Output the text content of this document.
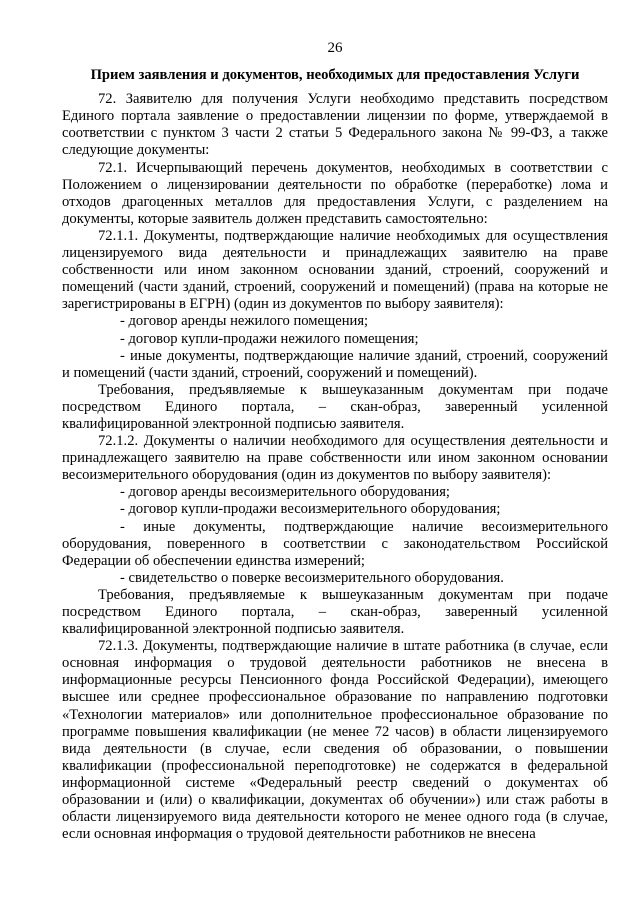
26
Прием заявления и документов, необходимых для предоставления Услуги

72. Заявителю для получения Услуги необходимо представить посредством Единого портала заявление о предоставлении лицензии по форме, утверждаемой в соответствии с пунктом 3 части 2 статьи 5 Федерального закона № 99-ФЗ, а также следующие документы:

72.1. Исчерпывающий перечень документов, необходимых в соответствии с Положением о лицензировании деятельности по обработке (переработке) лома и отходов драгоценных металлов для предоставления Услуги, с разделением на документы, которые заявитель должен представить самостоятельно:

72.1.1. Документы, подтверждающие наличие необходимых для осуществления лицензируемого вида деятельности и принадлежащих заявителю на праве собственности или ином законном основании зданий, строений, сооружений и помещений (части зданий, строений, сооружений и помещений) (права на которые не зарегистрированы в ЕГРН) (один из документов по выбору заявителя):

- договор аренды нежилого помещения;

- договор купли-продажи нежилого помещения;

- иные документы, подтверждающие наличие зданий, строений, сооружений и помещений (части зданий, строений, сооружений и помещений).

Требования, предъявляемые к вышеуказанным документам при подаче посредством Единого портала, – скан-образ, заверенный усиленной квалифицированной электронной подписью заявителя.

72.1.2. Документы о наличии необходимого для осуществления деятельности и принадлежащего заявителю на праве собственности или ином законном основании весоизмерительного оборудования (один из документов по выбору заявителя):

- договор аренды весоизмерительного оборудования;

- договор купли-продажи весоизмерительного оборудования;

- иные документы, подтверждающие наличие весоизмерительного оборудования, поверенного в соответствии с законодательством Российской Федерации об обеспечении единства измерений;

- свидетельство о поверке весоизмерительного оборудования.

Требования, предъявляемые к вышеуказанным документам при подаче посредством Единого портала, – скан-образ, заверенный усиленной квалифицированной электронной подписью заявителя.

72.1.3. Документы, подтверждающие наличие в штате работника (в случае, если основная информация о трудовой деятельности работников не внесена в информационные ресурсы Пенсионного фонда Российской Федерации), имеющего высшее или среднее профессиональное образование по направлению подготовки «Технологии материалов» или дополнительное профессиональное образование по программе повышения квалификации (не менее 72 часов) в области лицензируемого вида деятельности (в случае, если сведения об образовании, о повышении квалификации (профессиональной переподготовке) не содержатся в федеральной информационной системе «Федеральный реестр сведений о документах об образовании и (или) о квалификации, документах об обучении») или стаж работы в области лицензируемого вида деятельности которого не менее одного года (в случае, если основная информация о трудовой деятельности работников не внесена
